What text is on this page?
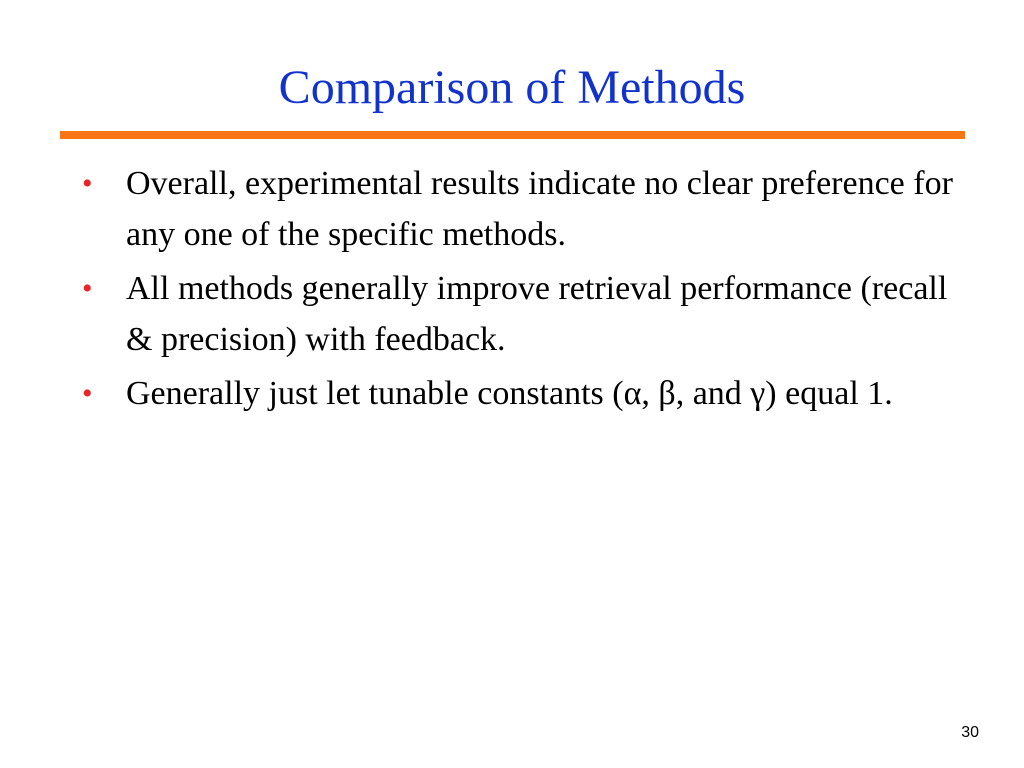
Comparison of Methods
• Overall, experimental results indicate no clear preference for any one of the specific methods.
• All methods generally improve retrieval performance (recall & precision) with feedback.
• Generally just let tunable constants (α, β, and γ) equal 1.
30
